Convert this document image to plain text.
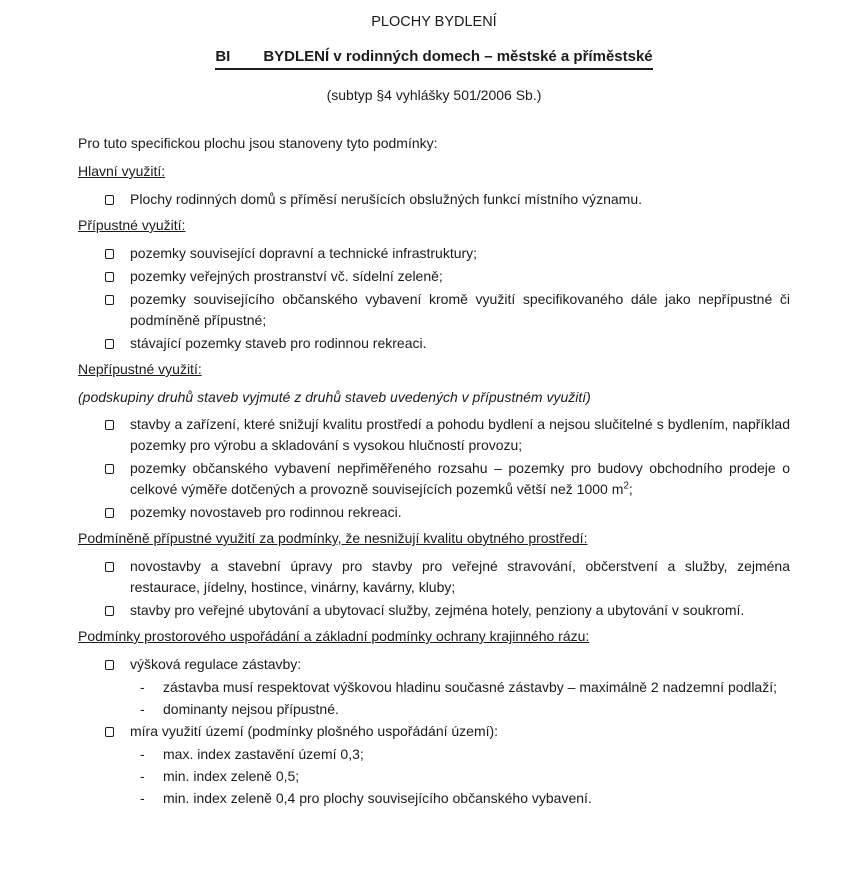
PLOCHY BYDLENÍ
BI BYDLENÍ v rodinných domech – městské a příměstské
(subtyp §4 vyhlášky 501/2006 Sb.)

Pro tuto specifickou plochu jsou stanoveny tyto podmínky:

Hlavní využití:
Plochy rodinných domů s příměsí nerušících obslužných funkcí místního významu.
Přípustné využití:
pozemky související dopravní a technické infrastruktury;
pozemky veřejných prostranství vč. sídelní zeleně;
pozemky souvisejícího občanského vybavení kromě využití specifikovaného dále jako nepřípustné či podmíněně přípustné;
stávající pozemky staveb pro rodinnou rekreaci.
Nepřípustné využití:

(podskupiny druhů staveb vyjmuté z druhů staveb uvedených v přípustném využití)

stavby a zařízení, které snižují kvalitu prostředí a pohodu bydlení a nejsou slučitelné s bydlením, například pozemky pro výrobu a skladování s vysokou hlučností provozu;
pozemky občanského vybavení nepřiměřeného rozsahu – pozemky pro budovy obchodního prodeje o celkové výměře dotčených a provozně souvisejících pozemků větší než 1000 $m^2$;
pozemky novostaveb pro rodinnou rekreaci.
Podmíněně přípustné využití za podmínky, že nesnižují kvalitu obytného prostředí:
novostavby a stavební úpravy pro stavby pro veřejné stravování, občerstvení a služby, zejména restaurace, jídelny, hostince, vinárny, kavárny, kluby;
stavby pro veřejné ubytování a ubytovací služby, zejména hotely, penziony a ubytování v soukromí.
Podmínky prostorového uspořádání a základní podmínky ochrany krajinného rázu:
výšková regulace zástavby:
-	zástavba musí respektovat výškovou hladinu současné zástavby – maximálně 2 nadzemní podlaží;
-	dominanty nejsou přípustné.
míra využití území (podmínky plošného uspořádání území):
-	max. index zastavění území 0,3;
-	min. index zeleně 0,5;
-	min. index zeleně 0,4 pro plochy souvisejícího občanského vybavení.
